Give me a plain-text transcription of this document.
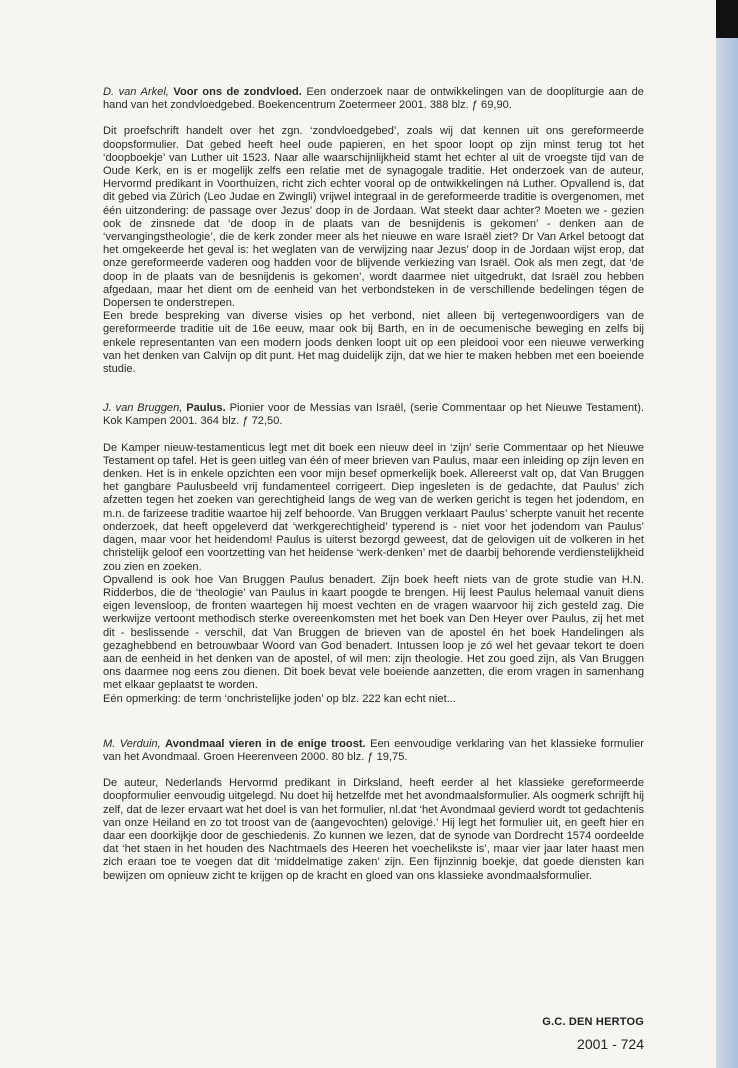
D. van Arkel, Voor ons de zondvloed. Een onderzoek naar de ontwikkelingen van de doopliturgie aan de hand van het zondvloedgebed. Boekencentrum Zoetermeer 2001. 388 blz. ƒ 69,90.

Dit proefschrift handelt over het zgn. ‘zondvloedgebed’, zoals wij dat kennen uit ons gereformeerde doopsformulier. Dat gebed heeft heel oude papieren, en het spoor loopt op zijn minst terug tot het ‘doopboekje’ van Luther uit 1523. Naar alle waarschijnlijkheid stamt het echter al uit de vroegste tijd van de Oude Kerk, en is er mogelijk zelfs een relatie met de synagogale traditie. Het onderzoek van de auteur, Hervormd predikant in Voorthuizen, richt zich echter vooral op de ontwikkelingen ná Luther. Opvallend is, dat dit gebed via Zürich (Leo Judae en Zwingli) vrijwel integraal in de gereformeerde traditie is overgenomen, met één uitzondering: de passage over Jezus’ doop in de Jordaan. Wat steekt daar achter? Moeten we - gezien ook de zinsnede dat ‘de doop in de plaats van de besnijdenis is gekomen’ - denken aan de ‘vervangingstheologie’, die de kerk zonder meer als het nieuwe en ware Israël ziet? Dr Van Arkel betoogt dat het omgekeerde het geval is: het weglaten van de verwijzing naar Jezus’ doop in de Jordaan wijst erop, dat onze gereformeerde vaderen oog hadden voor de blijvende verkiezing van Israël. Ook als men zegt, dat ‘de doop in de plaats van de besnijdenis is gekomen’, wordt daarmee niet uitgedrukt, dat Israël zou hebben afgedaan, maar het dient om de eenheid van het verbondsteken in de verschillende bedelingen tégen de Dopersen te onderstrepen.

Een brede bespreking van diverse visies op het verbond, niet alleen bij vertegenwoordigers van de gereformeerde traditie uit de 16e eeuw, maar ook bij Barth, en in de oecumenische beweging en zelfs bij enkele representanten van een modern joods denken loopt uit op een pleidooi voor een nieuwe verwerking van het denken van Calvijn op dit punt. Het mag duidelijk zijn, dat we hier te maken hebben met een boeiende studie.

J. van Bruggen, Paulus. Pionier voor de Messias van Israël, (serie Commentaar op het Nieuwe Testament). Kok Kampen 2001. 364 blz. ƒ 72,50.

De Kamper nieuw-testamenticus legt met dit boek een nieuw deel in ‘zijn’ serie Commentaar op het Nieuwe Testament op tafel. Het is geen uitleg van één of meer brieven van Paulus, maar een inleiding op zijn leven en denken. Het is in enkele opzichten een voor mijn besef opmerkelijk boek. Allereerst valt op, dat Van Bruggen het gangbare Paulusbeeld vrij fundamenteel corrigeert. Diep ingesleten is de gedachte, dat Paulus’ zich afzetten tegen het zoeken van gerechtigheid langs de weg van de werken gericht is tegen het jodendom, en m.n. de farizeese traditie waartoe hij zelf behoorde. Van Bruggen verklaart Paulus’ scherpte vanuit het recente onderzoek, dat heeft opgeleverd dat ‘werkgerechtigheid’ typerend is - niet voor het jodendom van Paulus’ dagen, maar voor het heidendom! Paulus is uiterst bezorgd geweest, dat de gelovigen uit de volkeren in het christelijk geloof een voortzetting van het heidense ‘werk-denken’ met de daarbij behorende verdienstelijkheid zou zien en zoeken.

Opvallend is ook hoe Van Bruggen Paulus benadert. Zijn boek heeft niets van de grote studie van H.N. Ridderbos, die de ‘theologie’ van Paulus in kaart poogde te brengen. Hij leest Paulus helemaal vanuit diens eigen levensloop, de fronten waartegen hij moest vechten en de vragen waarvoor hij zich gesteld zag. Die werkwijze vertoont methodisch sterke overeenkomsten met het boek van Den Heyer over Paulus, zij het met dit - beslissende - verschil, dat Van Bruggen de brieven van de apostel én het boek Handelingen als gezaghebbend en betrouwbaar Woord van God benadert. Intussen loop je zó wel het gevaar tekort te doen aan de eenheid in het denken van de apostel, of wil men: zijn theologie. Het zou goed zijn, als Van Bruggen ons daarmee nog eens zou dienen. Dit boek bevat vele boeiende aanzetten, die erom vragen in samenhang met elkaar geplaatst te worden.

Eén opmerking: de term ‘onchristelijke joden’ op blz. 222 kan echt niet...

M. Verduin, Avondmaal vieren in de enige troost. Een eenvoudige verklaring van het klassieke formulier van het Avondmaal. Groen Heerenveen 2000. 80 blz. ƒ 19,75.

De auteur, Nederlands Hervormd predikant in Dirksland, heeft eerder al het klassieke gereformeerde doopformulier eenvoudig uitgelegd. Nu doet hij hetzelfde met het avondmaalsformulier. Als oogmerk schrijft hij zelf, dat de lezer ervaart wat het doel is van het formulier, nl.dat ‘het Avondmaal gevierd wordt tot gedachtenis van onze Heiland en zo tot troost van de (aangevochten) gelovige.’ Hij legt het formulier uit, en geeft hier en daar een doorkijkje door de geschiedenis. Zo kunnen we lezen, dat de synode van Dordrecht 1574 oordeelde dat ‘het staen in het houden des Nachtmaels des Heeren het voechelikste is’, maar vier jaar later haast men zich eraan toe te voegen dat dit ‘middelmatige zaken’ zijn. Een fijnzinnig boekje, dat goede diensten kan bewijzen om opnieuw zicht te krijgen op de kracht en gloed van ons klassieke avondmaalsformulier.

G.C. DEN HERTOG
2001 - 724
